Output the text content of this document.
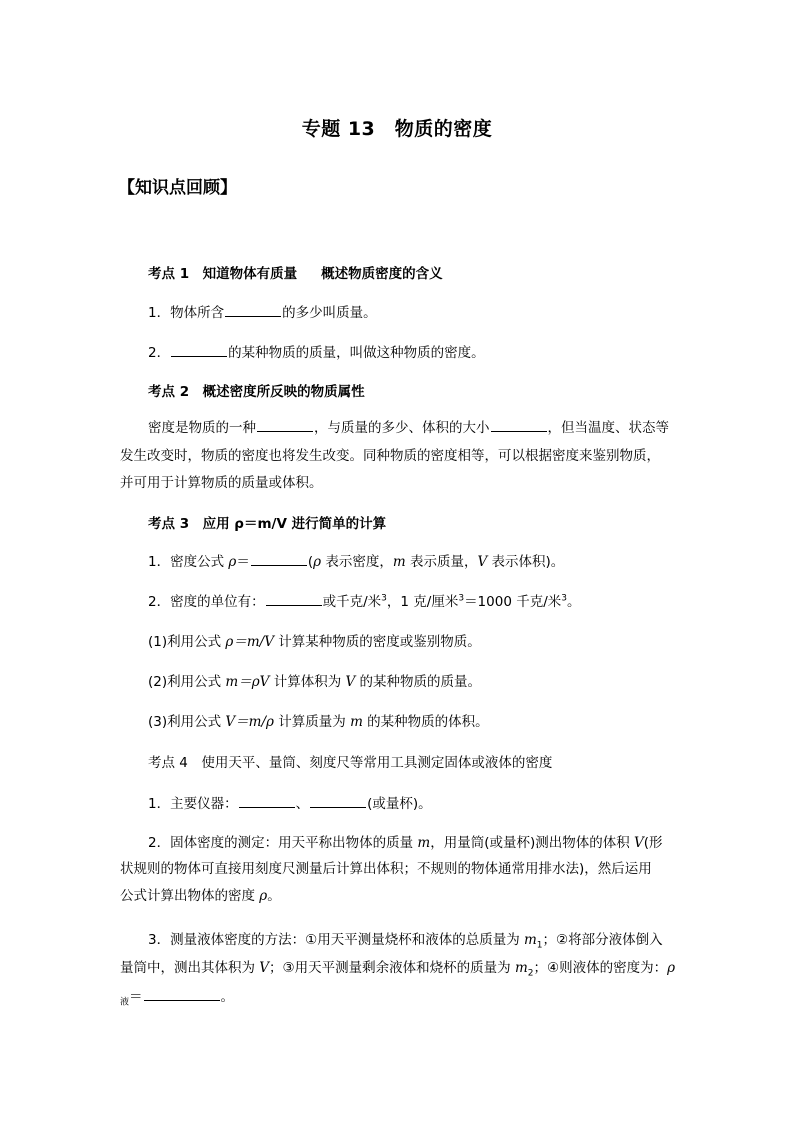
专题 13　物质的密度
【知识点回顾】
考点 1　知道物体有质量 概述物质密度的含义
1．物体所含	的多少叫质量。
2．	的某种物质的质量，叫做这种物质的密度。
考点 2　概述密度所反映的物质属性
密度是物质的一种	，与质量的多少、体积的大小	，但当温度、状态等
发生改变时，物质的密度也将发生改变。同种物质的密度相等，可以根据密度来鉴别物质，
并可用于计算物质的质量或体积。
考点 3　应用 ρ＝m/V 进行简单的计算
1．密度公式 ρ＝	(ρ 表示密度，m 表示质量，V 表示体积)。
2．密度的单位有：	或千克/米$^3$，1 克/厘米$^3$＝1000 千克/米$^3$。
(1)利用公式 ρ＝m/V 计算某种物质的密度或鉴别物质。
(2)利用公式 m＝ρV 计算体积为 V 的某种物质的质量。
(3)利用公式 V＝m/ρ 计算质量为 m 的某种物质的体积。
考点 4　使用天平、量筒、刻度尺等常用工具测定固体或液体的密度
1．主要仪器：	、	(或量杯)。
2．固体密度的测定：用天平称出物体的质量 m，用量筒(或量杯)测出物体的体积 V(形
状规则的物体可直接用刻度尺测量后计算出体积；不规则的物体通常用排水法)，然后运用
公式计算出物体的密度 ρ。
3．测量液体密度的方法：①用天平测量烧杯和液体的总质量为 $m_1$；②将部分液体倒入
量筒中，测出其体积为 V；③用天平测量剩余液体和烧杯的质量为 $m_2$；④则液体的密度为：ρ
$_液$＝	。
